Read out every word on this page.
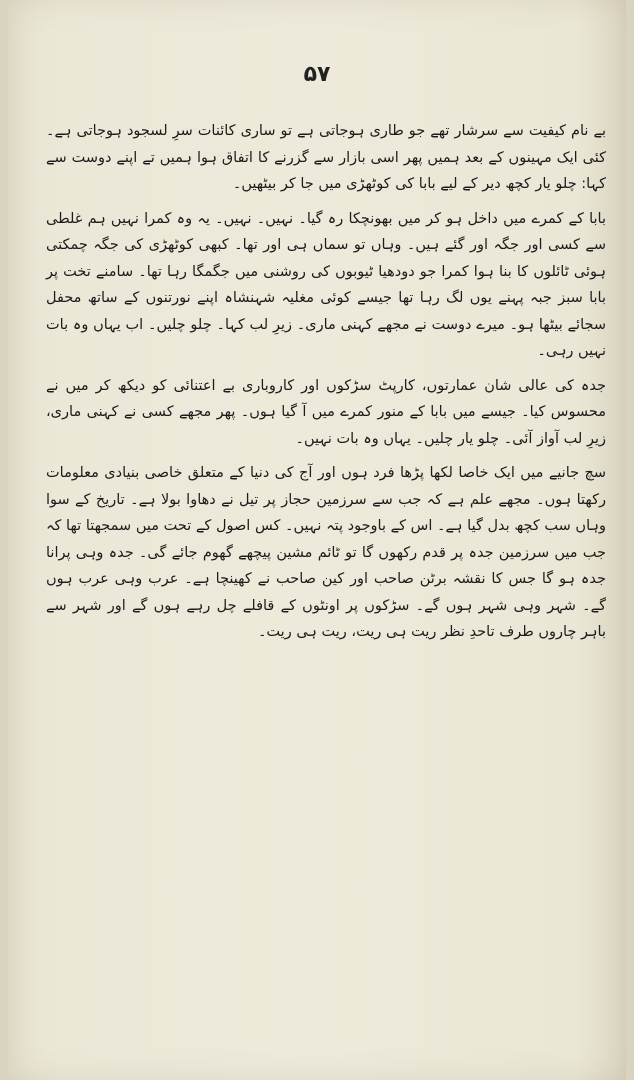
۵۷

بے نام کیفیت سے سرشار تھے جو طاری ہوجاتی ہے تو ساری کائنات سرِ لسجود ہوجاتی ہے۔ کئی ایک مہینوں کے بعد ہمیں پھر اسی بازار سے گزرنے کا اتفاق ہوا ہمیں تے اپنے دوست سے کہا: چلو یار کچھ دیر کے لیے بابا کی کوٹھڑی میں جا کر بیٹھیں۔

بابا کے کمرے میں داخل ہو کر میں بھونچکا رہ گیا۔ نہیں۔ نہیں۔ یہ وہ کمرا نہیں ہم غلطی سے کسی اور جگہ اور گئے ہیں۔ وہاں تو سماں ہی اور تھا۔ کبھی کوٹھڑی کی جگہ چمکتی ہوئی ٹائلوں کا بنا ہوا کمرا جو دودھیا ٹیوبوں کی روشنی میں جگمگا رہا تھا۔ سامنے تخت پر بابا سبز جبہ پہنے یوں لگ رہا تھا جیسے کوئی مغلیہ شہنشاہ اپنے نورتنوں کے ساتھ محفل سجائے بیٹھا ہو۔ میرے دوست نے مجھے کہنی ماری۔ زیرِ لب کہا۔ چلو چلیں۔ اب یہاں وہ بات نہیں رہی۔

جدہ کی عالی شان عمارتوں، کارپٹ سڑکوں اور کاروباری بے اعتنائی کو دیکھ کر میں نے محسوس کیا۔ جیسے میں بابا کے منور کمرے میں آ گیا ہوں۔ پھر مجھے کسی نے کہنی ماری، زیرِ لب آواز آئی۔ چلو یار چلیں۔ یہاں وہ بات نہیں۔

سچ جانیے میں ایک خاصا لکھا پڑھا فرد ہوں اور آج کی دنیا کے متعلق خاصی بنیادی معلومات رکھتا ہوں۔ مجھے علم ہے کہ جب سے سرزمین حجاز پر تیل نے دھاوا بولا ہے۔ تاریخ کے سوا وہاں سب کچھ بدل گیا ہے۔ اس کے باوجود پتہ نہیں۔ کس اصول کے تحت میں سمجھتا تھا کہ جب میں سرزمین جدہ پر قدم رکھوں گا تو ٹائم مشین پیچھے گھوم جائے گی۔ جدہ وہی پرانا جدہ ہو گا جس کا نقشہ برٹن صاحب اور کین صاحب نے کھینچا ہے۔ عرب وہی عرب ہوں گے۔ شہر وہی شہر ہوں گے۔ سڑکوں پر اونٹوں کے قافلے چل رہے ہوں گے اور شہر سے باہر چاروں طرف تاحدِ نظر ریت ہی ریت، ریت ہی ریت۔
